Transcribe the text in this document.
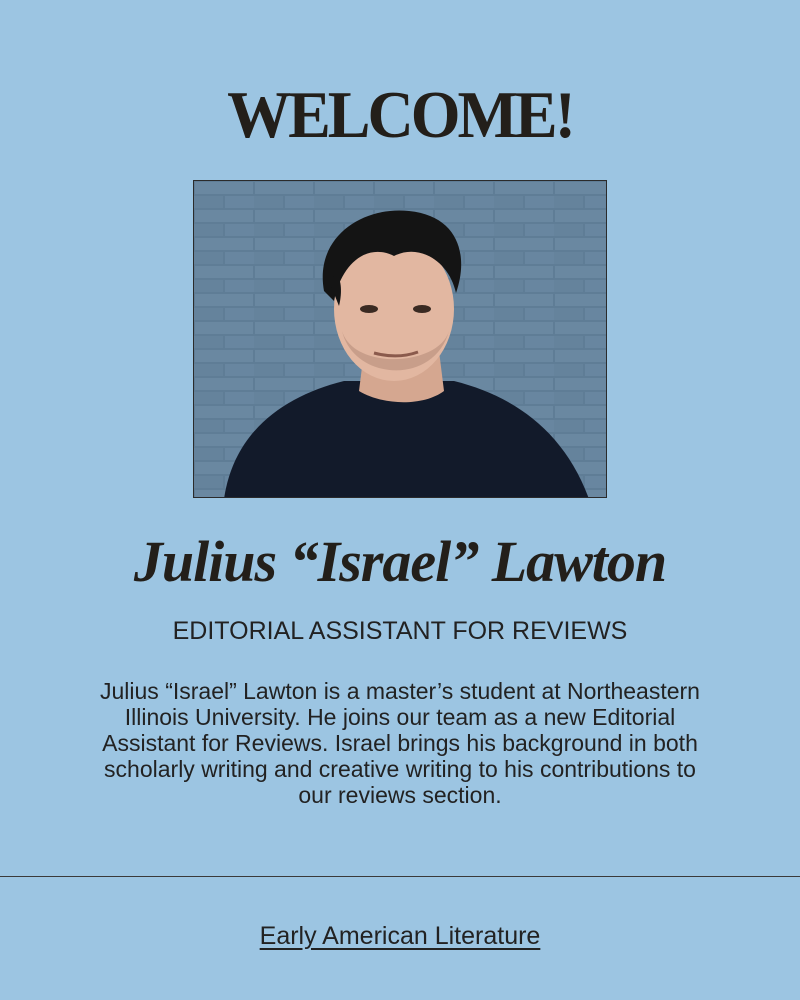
WELCOME!
Julius “Israel” Lawton

EDITORIAL ASSISTANT FOR REVIEWS

Julius “Israel” Lawton is a master’s student at Northeastern Illinois University. He joins our team as a new Editorial Assistant for Reviews. Israel brings his background in both scholarly writing and creative writing to his contributions to our reviews section.

Early American Literature
